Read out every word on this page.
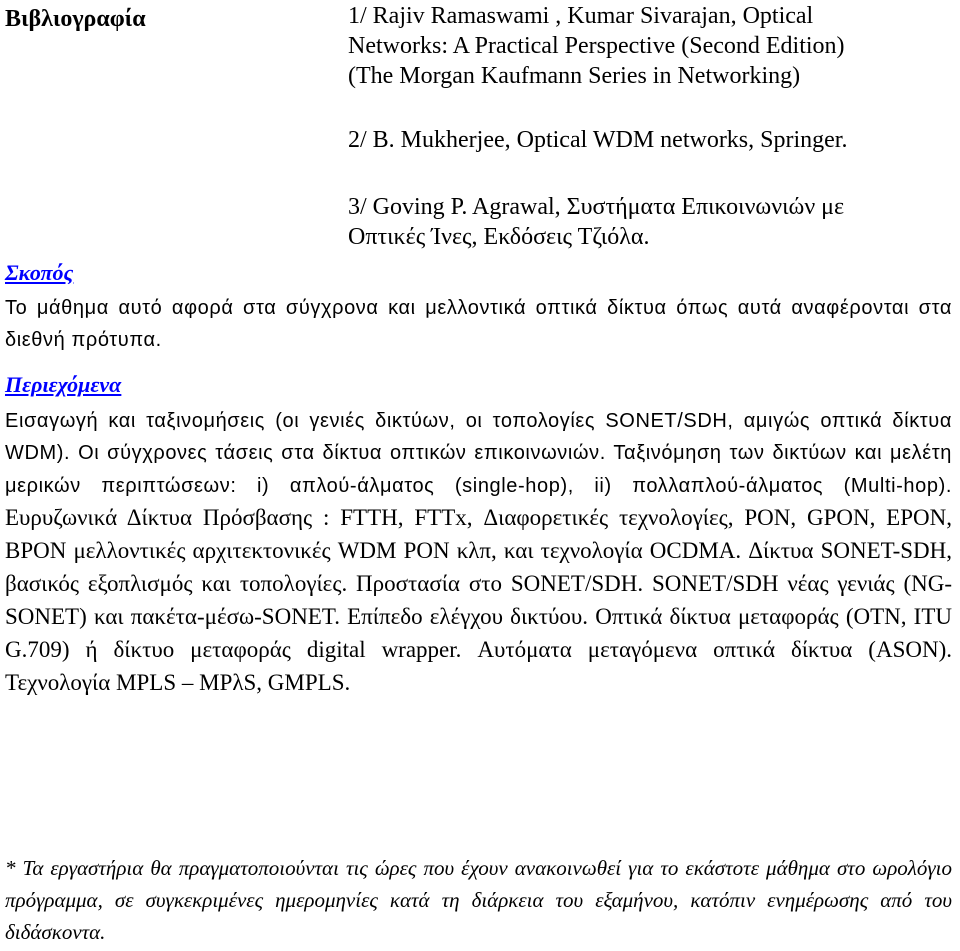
Βιβλιογραφία	1/ Rajiv Ramaswami , Kumar Sivarajan, Optical
Networks: A Practical Perspective (Second Edition)
(The Morgan Kaufmann Series in Networking)
2/ B. Mukherjee, Optical WDM networks, Springer.
3/ Goving P. Agrawal, Συστήματα Επικοινωνιών με
Οπτικές Ίνες, Εκδόσεις Τζιόλα.
Σκοπός

Το μάθημα αυτό αφορά στα σύγχρονα και μελλοντικά οπτικά δίκτυα όπως αυτά αναφέρονται στα διεθνή πρότυπα.

Περιεχόμενα

Εισαγωγή και ταξινομήσεις (οι γενιές δικτύων, οι τοπολογίες SONET/SDH, αμιγώς οπτικά δίκτυα WDM). Οι σύγχρονες τάσεις στα δίκτυα οπτικών επικοινωνιών. Ταξινόμηση των δικτύων και μελέτη μερικών περιπτώσεων: i) απλού-άλματος (single-hop), ii) πολλαπλού-άλματος (Multi-hop). Ευρυζωνικά Δίκτυα Πρόσβασης : FTTH, FTTx, Διαφορετικές τεχνολογίες, PON, GPON, EPON, BPON μελλοντικές αρχιτεκτονικές WDM PON κλπ, και τεχνολογία OCDMA. Δίκτυα SONET-SDH, βασικός εξοπλισμός και τοπολογίες. Προστασία στο SONET/SDH. SONET/SDH νέας γενιάς (NG-SONET) και πακέτα-μέσω-SONET. Επίπεδο ελέγχου δικτύου. Οπτικά δίκτυα μεταφοράς (OTN, ITU G.709) ή δίκτυο μεταφοράς digital wrapper. Αυτόματα μεταγόμενα οπτικά δίκτυα (ASON). Τεχνολογία MPLS – MPλS, GMPLS.

* Τα εργαστήρια θα πραγματοποιούνται τις ώρες που έχουν ανακοινωθεί για το εκάστοτε μάθημα στο ωρολόγιο πρόγραμμα, σε συγκεκριμένες ημερομηνίες κατά τη διάρκεια του εξαμήνου, κατόπιν ενημέρωσης από του διδάσκοντα.
